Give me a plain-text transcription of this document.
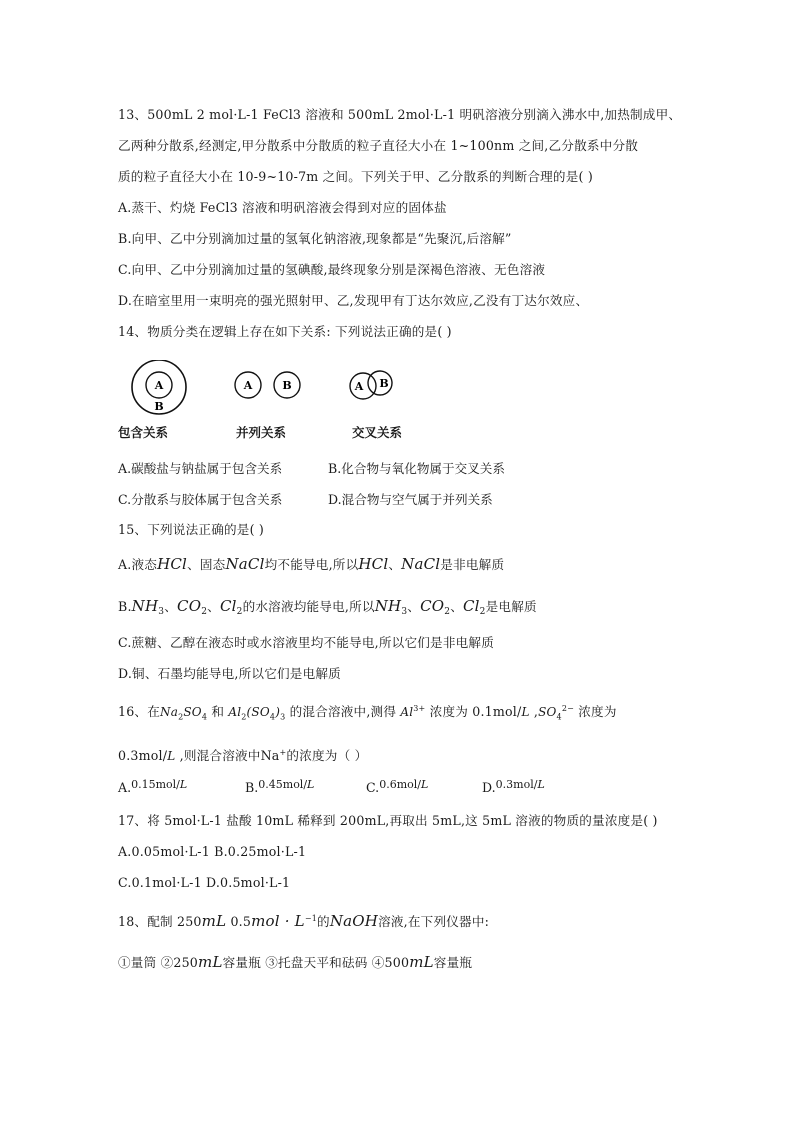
13、500mL 2 mol·L-1 FeCl3 溶液和 500mL 2mol·L-1 明矾溶液分别滴入沸水中,加热制成甲、
乙两种分散系,经测定,甲分散系中分散质的粒子直径大小在 1~100nm 之间,乙分散系中分散
质的粒子直径大小在 10-9~10-7m 之间。下列关于甲、乙分散系的判断合理的是( )
A.蒸干、灼烧 FeCl3 溶液和明矾溶液会得到对应的固体盐
B.向甲、乙中分别滴加过量的氢氧化钠溶液,现象都是“先聚沉,后溶解”
C.向甲、乙中分别滴加过量的氢碘酸,最终现象分别是深褐色溶液、无色溶液
D.在暗室里用一束明亮的强光照射甲、乙,发现甲有丁达尔效应,乙没有丁达尔效应、
14、物质分类在逻辑上存在如下关系: 下列说法正确的是( )
A
B
A	B	A B
包含关系	并列关系	交叉关系
A.碳酸盐与钠盐属于包含关系	B.化合物与氧化物属于交叉关系
C.分散系与胶体属于包含关系	D.混合物与空气属于并列关系
15、下列说法正确的是( )
A.液态HCl、固态NaCl均不能导电,所以HCl、NaCl是非电解质
$B.NH_3$、$CO_2$、$Cl_2$的水溶液均能导电,所以$NH_3$、$CO_2$、$Cl_2$是电解质
C.蔗糖、乙醇在液态时或水溶液里均不能导电,所以它们是非电解质
D.铜、石墨均能导电,所以它们是电解质
16、在$Na_2SO_4$ 和 $Al_2(SO_4)_3$ 的混合溶液中,测得 $Al^{3+}$ 浓度为 0.1mol/L $,SO_4^{2-}$ 浓度为
0.3mol/L ,则混合溶液中Na+的浓度为（ ）
A.0.15mol/L	B.0.45mol/L	C.0.6mol/L	D.0.3mol/L
17、将 5mol·L-1 盐酸 10mL 稀释到 200mL,再取出 5mL,这 5mL 溶液的物质的量浓度是( )
A.0.05mol·L-1 B.0.25mol·L-1
C.0.1mol·L-1 D.0.5mol·L-1
18、配制 250mL $0.5mol \cdot L^{-1}$的NaOH溶液,在下列仪器中:
①量筒 ②250mL容量瓶 ③托盘天平和砝码 ④500mL容量瓶
